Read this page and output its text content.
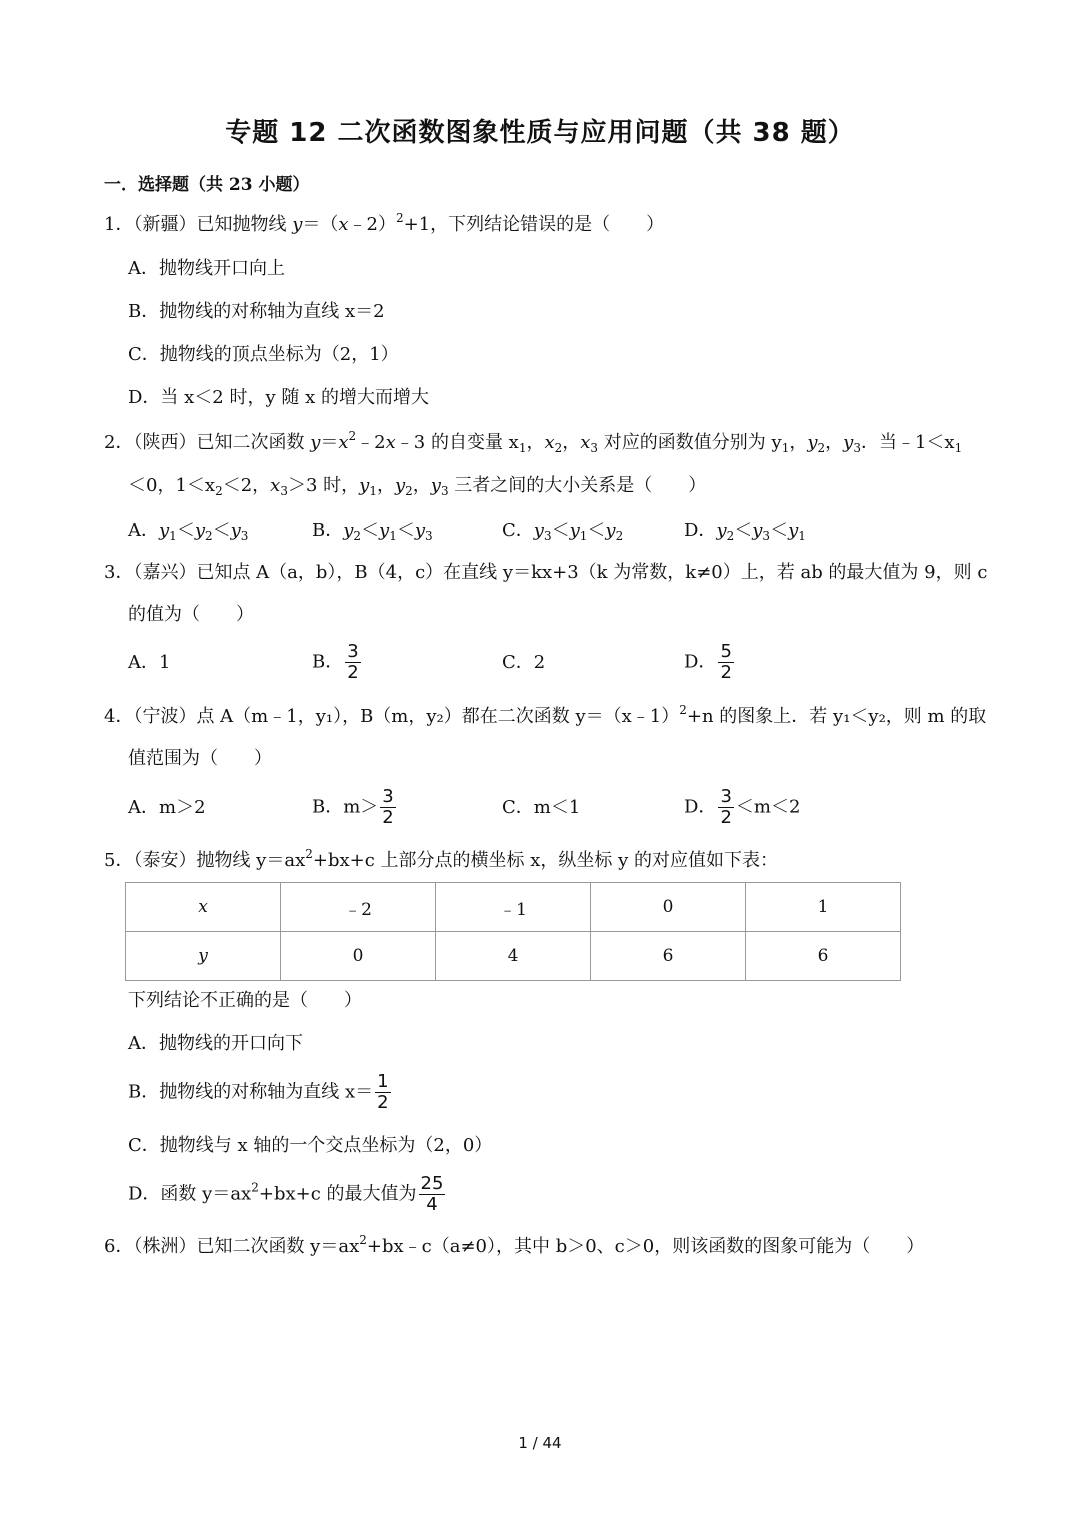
专题 12 二次函数图象性质与应用问题（共 38 题）
一．选择题（共 23 小题）
1．（新疆）已知抛物线 y＝（x﹣2）$^2$+1，下列结论错误的是（　　）
A．抛物线开口向上
B．抛物线的对称轴为直线 x＝2
C．抛物线的顶点坐标为（2，1）
D．当 x＜2 时，y 随 x 的增大而增大
2．（陕西）已知二次函数 $y=x^2﹣2x﹣3$ 的自变量 $x_1$，$x_2$，$x_3$ 对应的函数值分别为 $y_1$，$y_2$，$y_3$．当$﹣1<x_1$
＜0，$1<x_2<2$，$x_3>3$ 时，$y_1$，$y_2$，$y_3$ 三者之间的大小关系是（　　）
A．$y_1<y_2<y_3$	B．$y_2<y_1<y_3$	C．$y_3<y_1<y_2$	D．$y_2<y_3<y_1$
3．（嘉兴）已知点 A（a，b），B（4，c）在直线 y＝kx+3（k 为常数，k≠0）上，若 ab 的最大值为 9，则 c
的值为（　　）
A．1	B． $\frac{3}{2}$	C．2	D． $\frac{5}{2}$
4．（宁波）点 A（m﹣1，y₁），B（m，y₂）都在二次函数 y＝（x﹣1）$^2$+n 的图象上．若 y₁＜y₂，则 m 的取
值范围为（　　）
A．m＞2	B．$m> \frac{3}{2}$	C．m＜1	D． $\frac{3}{2} <m<2$
5．（泰安）抛物线 $y=ax^2+bx+c$ 上部分点的横坐标 x，纵坐标 y 的对应值如下表：
x	﹣2	﹣1	0	1
y	0	4	6	6
下列结论不正确的是（　　）
A．抛物线的开口向下
B．抛物线的对称轴为直线 $x= \frac{1}{2}$
C．抛物线与 x 轴的一个交点坐标为（2，0）
D．函数 $y=ax^2+bx+c$ 的最大值为 $\frac{25}{4}$
6．（株洲）已知二次函数 $y=ax^2+bx﹣c(a\ne 0)$，其中 b＞0、c＞0，则该函数的图象可能为（　　）
1 / 44
